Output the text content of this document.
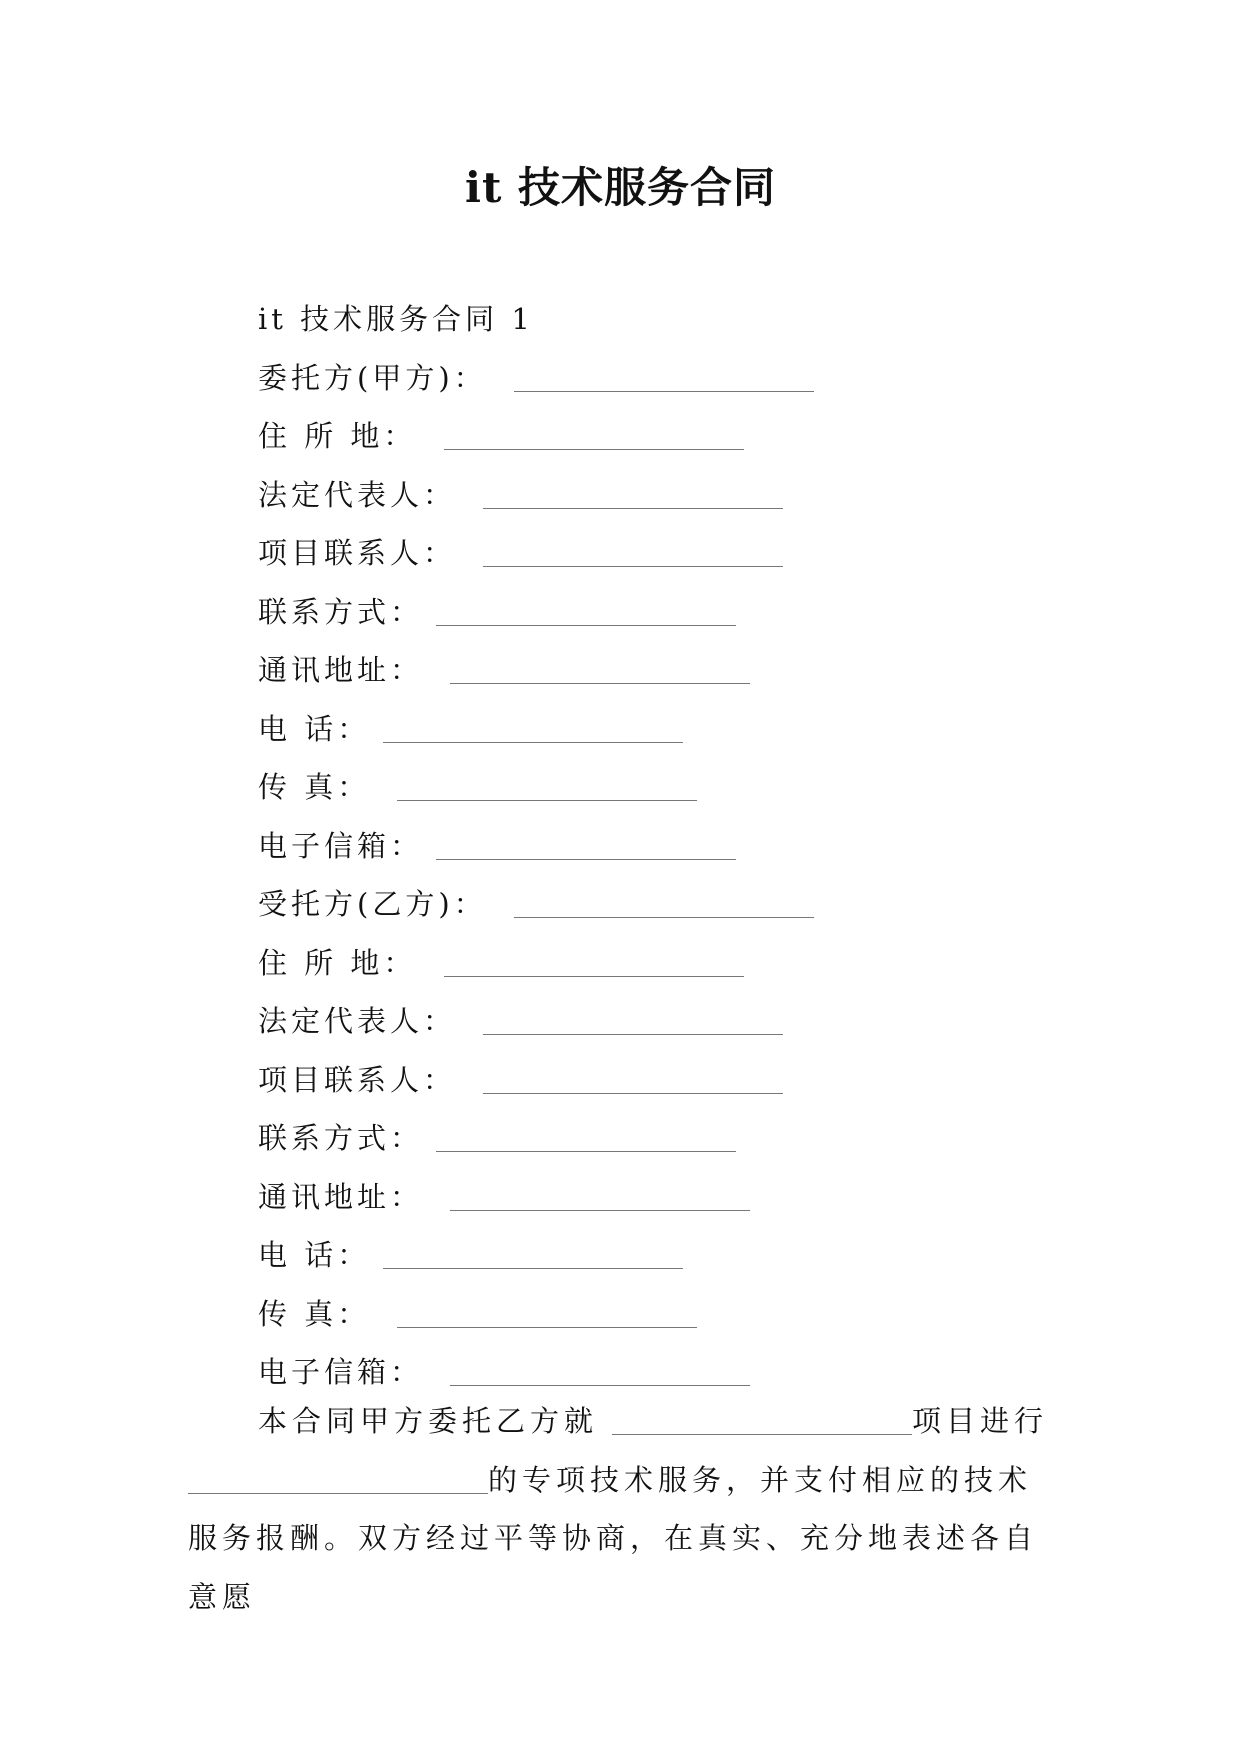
it 技术服务合同
it 技术服务合同 1
委托方(甲方)：
住 所 地：
法定代表人：
项目联系人：
联系方式：
通讯地址：
电 话：
传 真：
电子信箱：
受托方(乙方)：
住 所 地：
法定代表人：
项目联系人：
联系方式：
通讯地址：
电 话：
传 真：
电子信箱：
本合同甲方委托乙方就	项目进行的专项技术服务，并支付相应的技术服务报酬。双方经过平等协商，在真实、充分地表述各自意愿
